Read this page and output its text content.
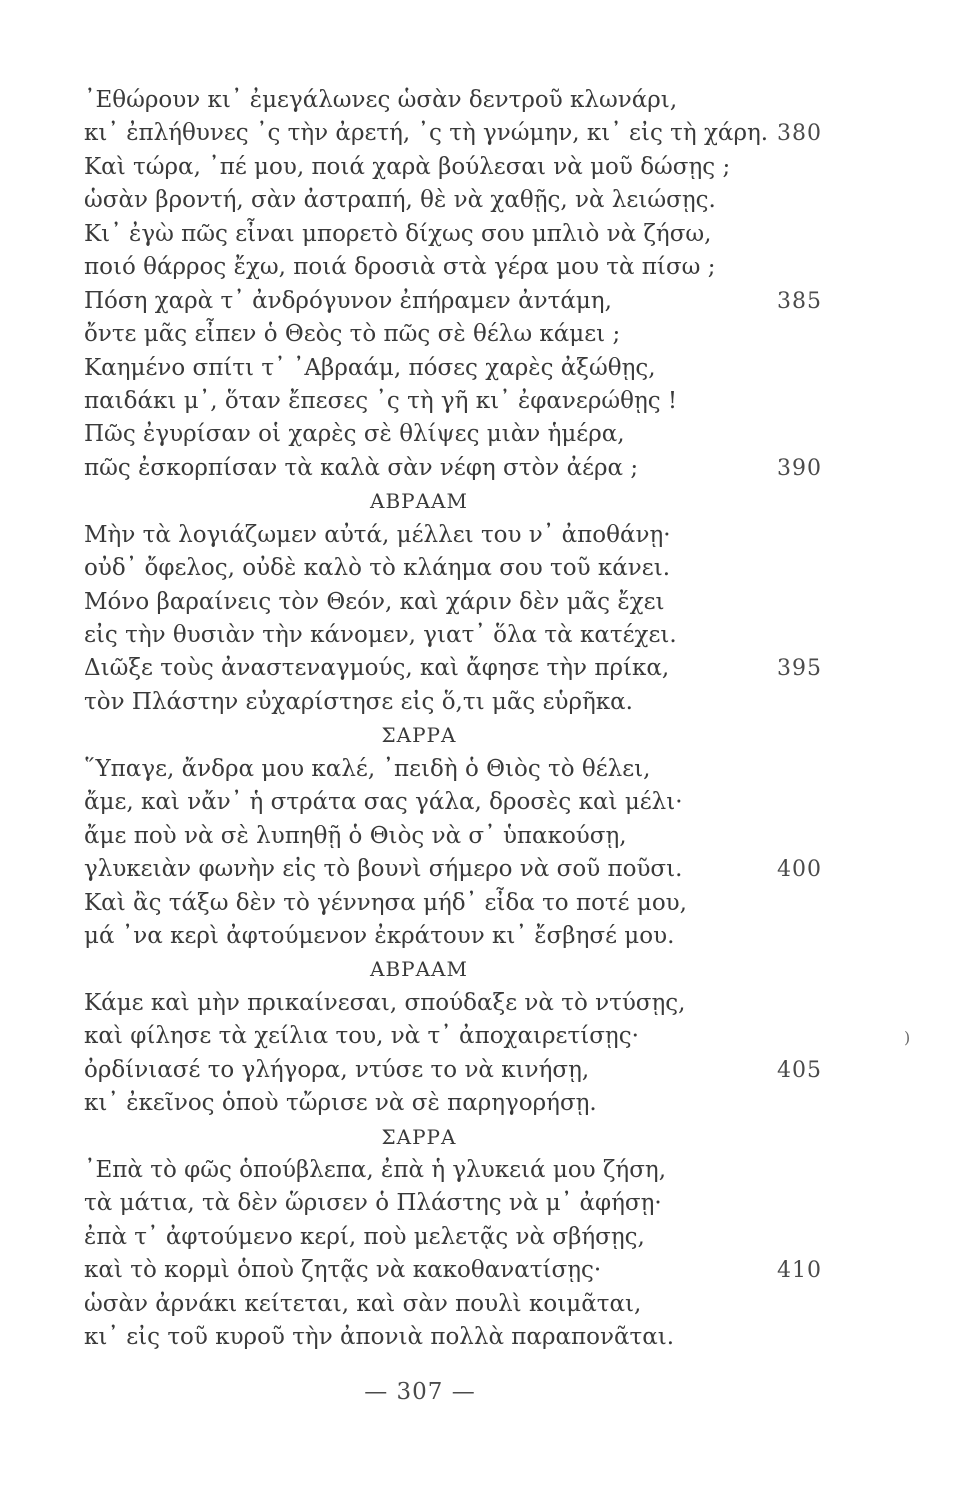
᾽Εθώρουν κι᾽ ἐμεγάλωνες ὡσὰν δεντροῦ κλωνάρι,
κι᾽ ἐπλήθυνες ᾽ς τὴν ἀρετή, ᾽ς τὴ γνώμην, κι᾽ εἰς τὴ χάρη. 380
Καὶ τώρα, ᾽πέ μου, ποιά χαρὰ βούλεσαι νὰ μοῦ δώσῃς ;
ὡσὰν βροντή, σὰν ἀστραπή, θὲ νὰ χαθῇς, νὰ λειώσῃς.
Κι᾽ ἐγὼ πῶς εἶναι μπορετὸ δίχως σου μπλιὸ νὰ ζήσω,
ποιό θάρρος ἔχω, ποιά δροσιὰ στὰ γέρα μου τὰ πίσω ;
Πόση χαρὰ τ᾽ ἀνδρόγυνον ἐπήραμεν ἀντάμη,	385
ὄντε μᾶς εἶπεν ὁ Θεὸς τὸ πῶς σὲ θέλω κάμει ;
Καημένο σπίτι τ᾽ ᾽Αβραάμ, πόσες χαρὲς ἀξώθῃς,
παιδάκι μ᾽, ὅταν ἔπεσες ᾽ς τὴ γῆ κι᾽ ἐφανερώθῃς !
Πῶς ἐγυρίσαν οἱ χαρὲς σὲ θλίψες μιὰν ἡμέρα,
πῶς ἐσκορπίσαν τὰ καλὰ σὰν νέφη στὸν ἀέρα ;	390
ΑΒΡΑΑΜ
Μὴν τὰ λογιάζωμεν αὐτά, μέλλει του ν᾽ ἀποθάνῃ·
οὐδ᾽ ὄφελος, οὐδὲ καλὸ τὸ κλάημα σου τοῦ κάνει.
Μόνο βαραίνεις τὸν Θεόν, καὶ χάριν δὲν μᾶς ἔχει
εἰς τὴν θυσιὰν τὴν κάνομεν, γιατ᾽ ὅλα τὰ κατέχει.
Διῶξε τοὺς ἀναστεναγμούς, καὶ ἄφησε τὴν πρίκα,	395
τὸν Πλάστην εὐχαρίστησε εἰς ὅ,τι μᾶς εὑρῆκα.
ΣΑΡΡΑ
῞Υπαγε, ἄνδρα μου καλέ, ᾽πειδὴ ὁ Θιὸς τὸ θέλει,
ἄμε, καὶ νἄν᾽ ἡ στράτα σας γάλα, δροσὲς καὶ μέλι·
ἄμε ποὺ νὰ σὲ λυπηθῇ ὁ Θιὸς νὰ σ᾽ ὑπακούσῃ,
γλυκειὰν φωνὴν εἰς τὸ βουνὶ σήμερο νὰ σοῦ ποῦσι.	400
Καὶ ἂς τάξω δὲν τὸ γέννησα μήδ᾽ εἶδα το ποτέ μου,
μά ᾽να κερὶ ἀφτούμενον ἐκράτουν κι᾽ ἔσβησέ μου.
ΑΒΡΑΑΜ
Κάμε καὶ μὴν πρικαίνεσαι, σπούδαξε νὰ τὸ ντύσῃς,
καὶ φίλησε τὰ χείλια του, νὰ τ᾽ ἀποχαιρετίσῃς·
ὀρδίνιασέ το γλήγορα, ντύσε το νὰ κινήσῃ,	405
κι᾽ ἐκεῖνος ὁποὺ τὤρισε νὰ σὲ παρηγορήσῃ.
ΣΑΡΡΑ
᾽Επὰ τὸ φῶς ὁπούβλεπα, ἐπὰ ἡ γλυκειά μου ζήση,
τὰ μάτια, τὰ δὲν ὥρισεν ὁ Πλάστης νὰ μ᾽ ἀφήσῃ·
ἐπὰ τ᾽ ἀφτούμενο κερί, ποὺ μελετᾷς νὰ σβήσῃς,
καὶ τὸ κορμὶ ὁποὺ ζητᾷς νὰ κακοθανατίσῃς·	410
ὡσὰν ἀρνάκι κείτεται, καὶ σὰν πουλὶ κοιμᾶται,
κι᾽ εἰς τοῦ κυροῦ τὴν ἀπονιὰ πολλὰ παραπονᾶται.
)
— 307 —
